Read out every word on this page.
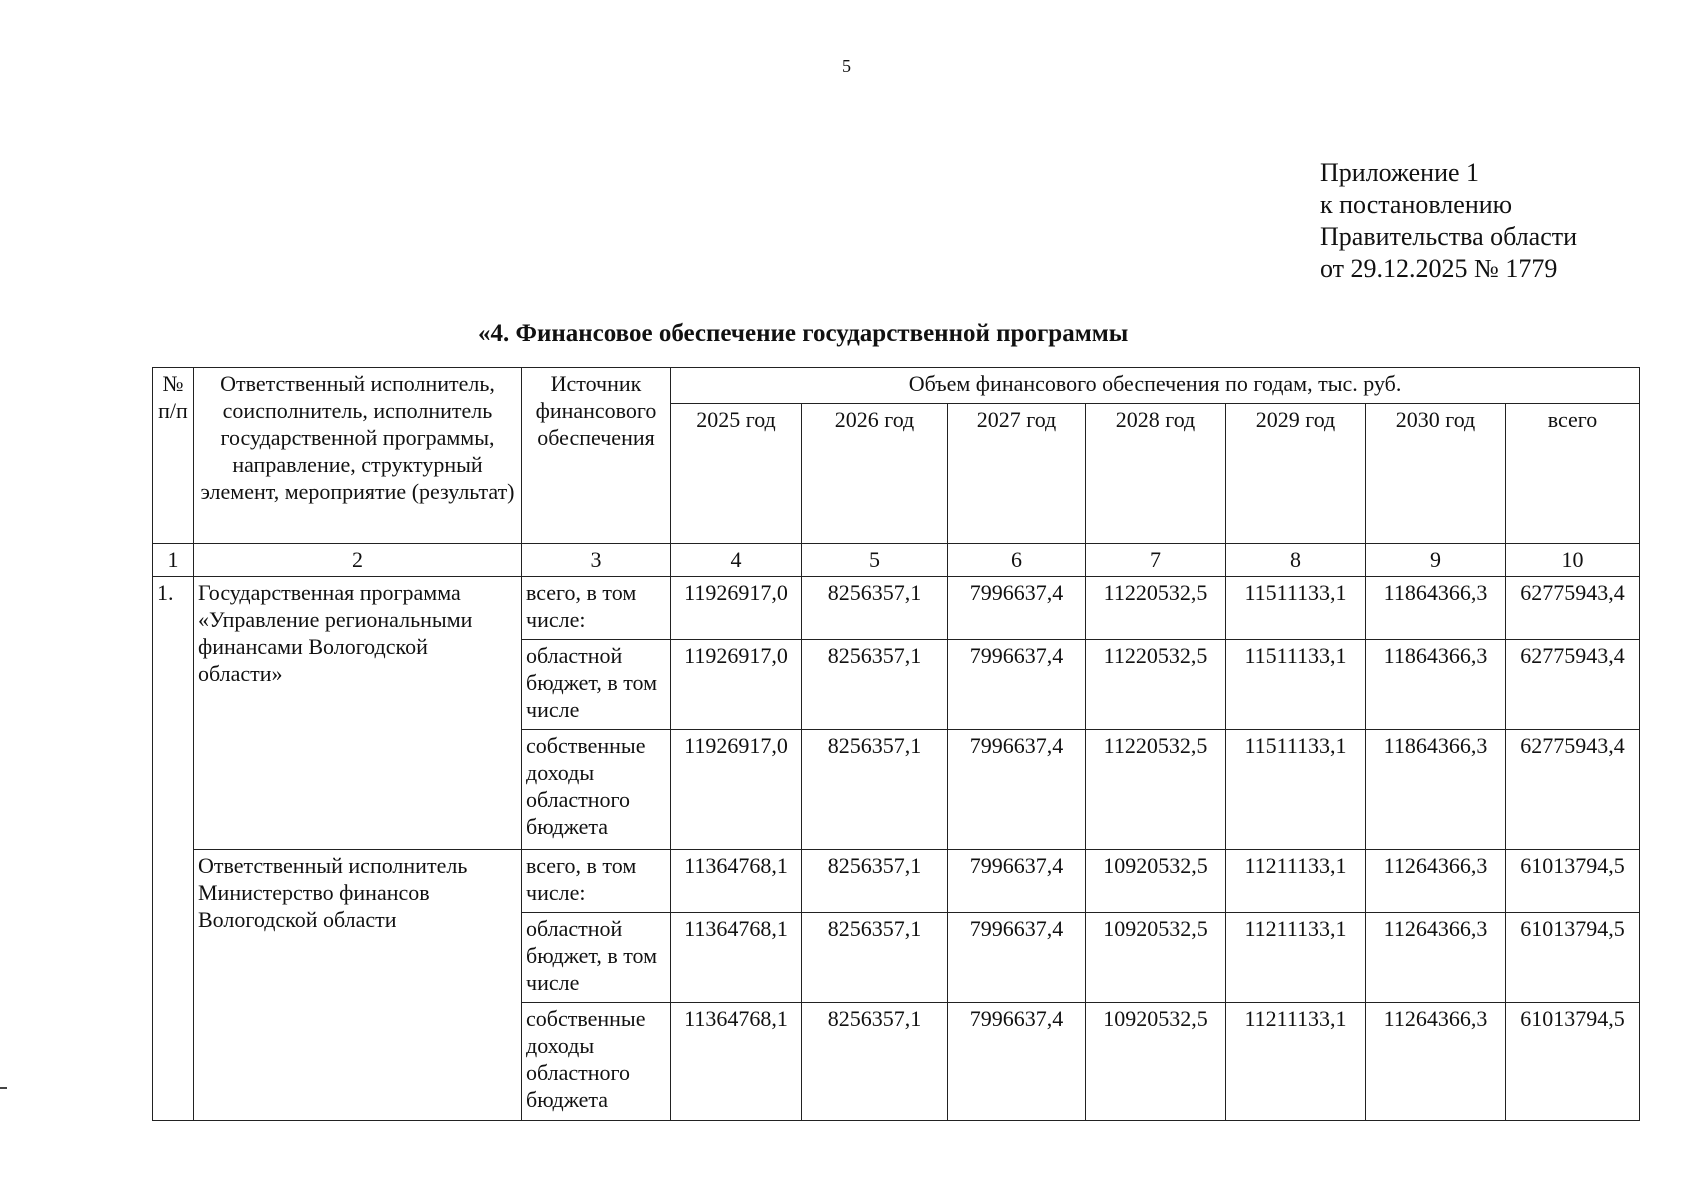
5
Приложение 1
к постановлению
Правительства области
от 29.12.2025 № 1779
«4. Финансовое обеспечение государственной программы
№ п/п	Ответственный исполнитель, соисполнитель, исполнитель государственной программы, направление, структурный элемент, мероприятие (результат)	Источник финансового обеспечения	Объем финансового обеспечения по годам, тыс. руб.						
			2025 год	2026 год	2027 год	2028 год	2029 год	2030 год	всего
1	2	3	4	5	6	7	8	9	10
1.	Государственная программа «Управление региональными финансами Вологодской области»	всего, в том числе:	11926917,0	8256357,1	7996637,4	11220532,5	11511133,1	11864366,3	62775943,4
		областной бюджет, в том числе	11926917,0	8256357,1	7996637,4	11220532,5	11511133,1	11864366,3	62775943,4
		собственные доходы областного бюджета	11926917,0	8256357,1	7996637,4	11220532,5	11511133,1	11864366,3	62775943,4
	Ответственный исполнитель Министерство финансов Вологодской области	всего, в том числе:	11364768,1	8256357,1	7996637,4	10920532,5	11211133,1	11264366,3	61013794,5
		областной бюджет, в том числе	11364768,1	8256357,1	7996637,4	10920532,5	11211133,1	11264366,3	61013794,5
		собственные доходы областного бюджета	11364768,1	8256357,1	7996637,4	10920532,5	11211133,1	11264366,3	61013794,5
